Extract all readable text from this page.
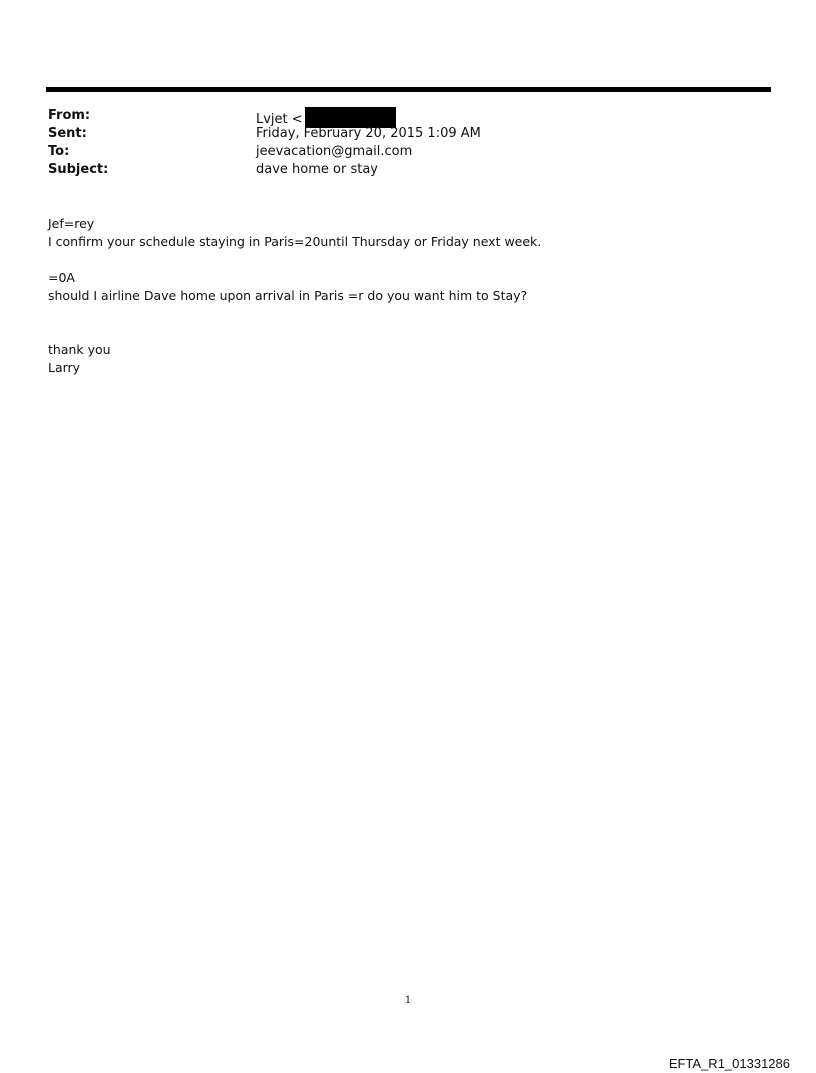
From:	Lvjet <
Sent:	Friday, February 20, 2015 1:09 AM
To:	jeevacation@gmail.com
Subject:	dave home or stay
Jef=rey
I confirm your schedule staying in Paris=20until Thursday or Friday next week.
=0A
should I airline Dave home upon arrival in Paris =r do you want him to Stay?
thank you
Larry
1
EFTA_R1_01331286
